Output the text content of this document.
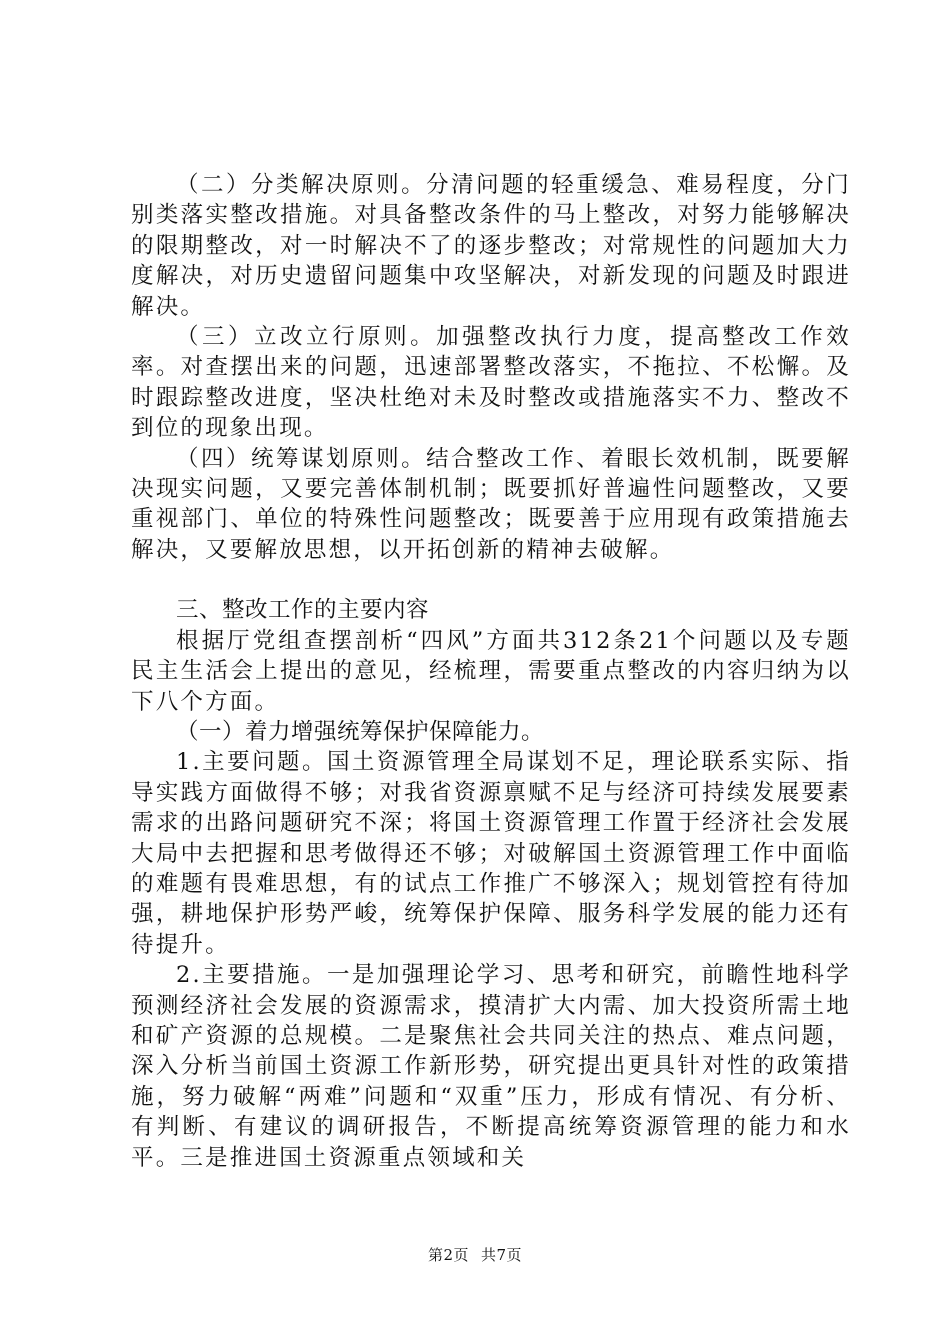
（二）分类解决原则。分清问题的轻重缓急、难易程度，分门别类落实整改措施。对具备整改条件的马上整改，对努力能够解决的限期整改，对一时解决不了的逐步整改；对常规性的问题加大力度解决，对历史遗留问题集中攻坚解决，对新发现的问题及时跟进解决。

（三）立改立行原则。加强整改执行力度，提高整改工作效率。对查摆出来的问题，迅速部署整改落实，不拖拉、不松懈。及时跟踪整改进度，坚决杜绝对未及时整改或措施落实不力、整改不到位的现象出现。

（四）统筹谋划原则。结合整改工作、着眼长效机制，既要解决现实问题，又要完善体制机制；既要抓好普遍性问题整改，又要重视部门、单位的特殊性问题整改；既要善于应用现有政策措施去解决，又要解放思想，以开拓创新的精神去破解。

三、整改工作的主要内容

根据厅党组查摆剖析“四风”方面共312条21个问题以及专题民主生活会上提出的意见，经梳理，需要重点整改的内容归纳为以下八个方面。

（一）着力增强统筹保护保障能力。

1.主要问题。国土资源管理全局谋划不足，理论联系实际、指导实践方面做得不够；对我省资源禀赋不足与经济可持续发展要素需求的出路问题研究不深；将国土资源管理工作置于经济社会发展大局中去把握和思考做得还不够；对破解国土资源管理工作中面临的难题有畏难思想，有的试点工作推广不够深入；规划管控有待加强，耕地保护形势严峻，统筹保护保障、服务科学发展的能力还有待提升。

2.主要措施。一是加强理论学习、思考和研究，前瞻性地科学预测经济社会发展的资源需求，摸清扩大内需、加大投资所需土地和矿产资源的总规模。二是聚焦社会共同关注的热点、难点问题，深入分析当前国土资源工作新形势，研究提出更具针对性的政策措施，努力破解“两难”问题和“双重”压力，形成有情况、有分析、有判断、有建议的调研报告，不断提高统筹资源管理的能力和水平。三是推进国土资源重点领域和关

第2页 共7页
